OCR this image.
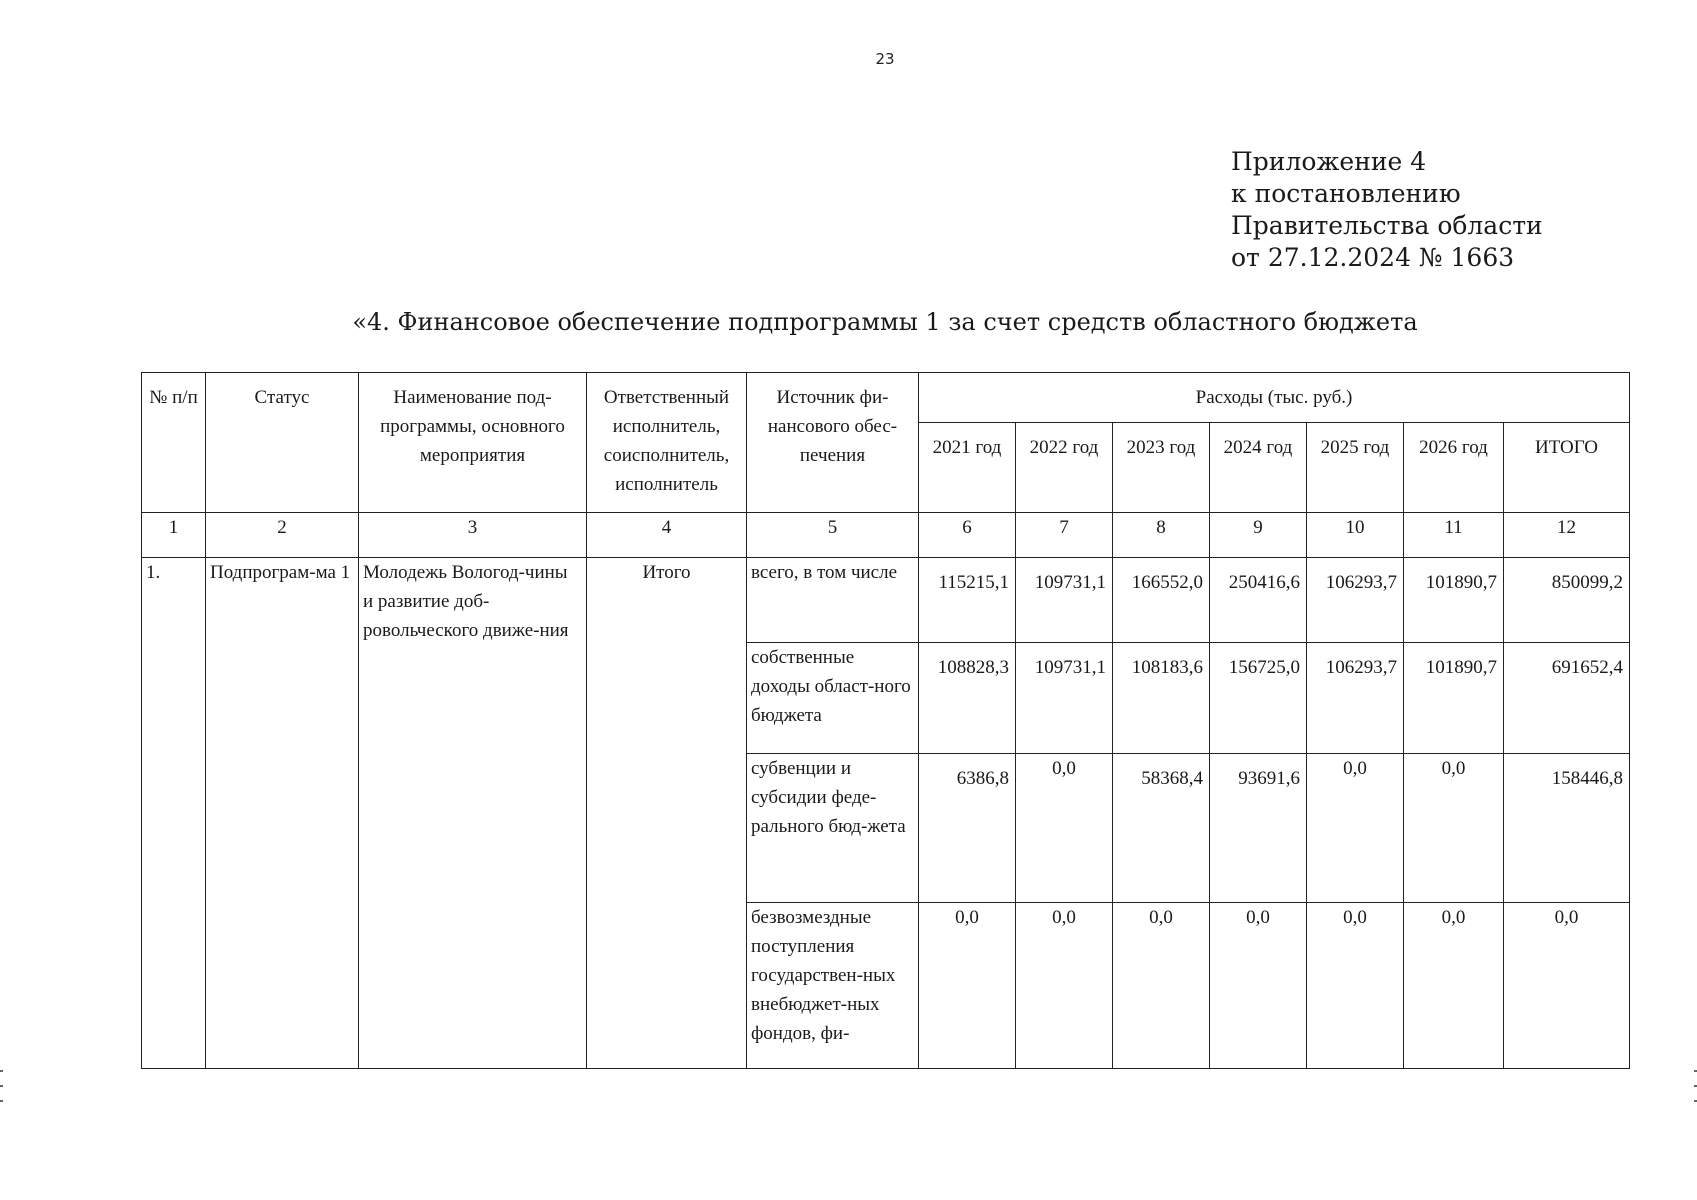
23
Приложение 4
к постановлению
Правительства области
от 27.12.2024 № 1663
«4. Финансовое обеспечение подпрограммы 1 за счет средств областного бюджета
№ п/п	Статус	Наименование под-программы, основного мероприятия	Ответственный исполнитель, соисполнитель, исполнитель	Источник фи-нансового обес-печения	Расходы (тыс. руб.)						
					2021 год	2022 год	2023 год	2024 год	2025 год	2026 год	ИТОГО
1	2	3	4	5	6	7	8	9	10	11	12
1.	Подпрограм-ма 1	Молодежь Вологод-чины и развитие доб-ровольческого движе-ния	Итого	всего, в том числе	115215,1	109731,1	166552,0	250416,6	106293,7	101890,7	850099,2
				собственные доходы област-ного бюджета	108828,3	109731,1	108183,6	156725,0	106293,7	101890,7	691652,4
				субвенции и субсидии феде-рального бюд-жета	6386,8	0,0	58368,4	93691,6	0,0	0,0	158446,8
				безвозмездные поступления государствен-ных внебюджет-ных фондов, фи-	0,0	0,0	0,0	0,0	0,0	0,0	0,0
